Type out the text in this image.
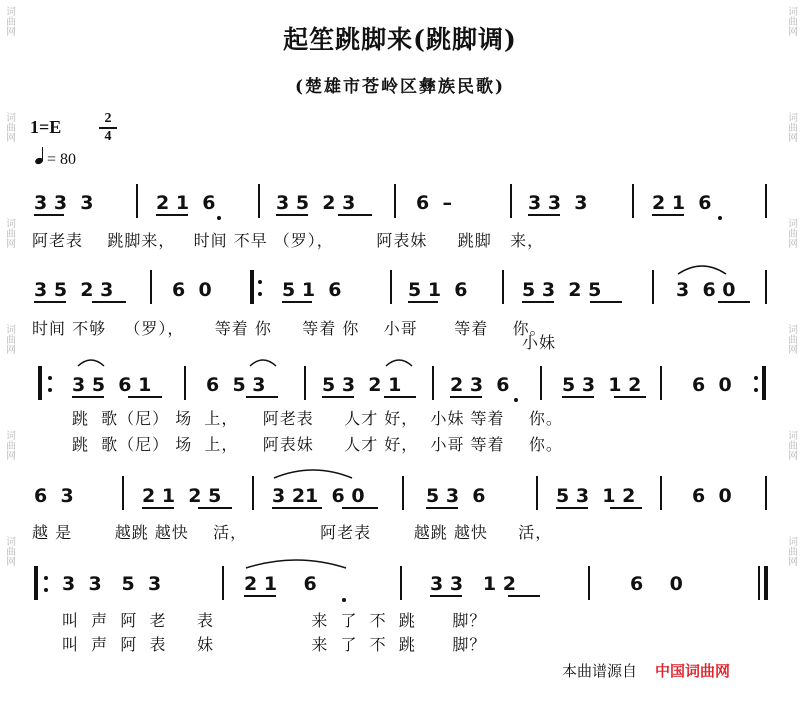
词曲网
词曲网
词曲网
词曲网
词曲网
词曲网
词曲网
词曲网
词曲网
词曲网
词曲网
词曲网
起笙跳脚来(跳脚调)
(楚雄市苍岭区彝族民歌)
1=E	2
4
= 80
3 3  3	2 1  6	3 5  2 3	6  –	3 3  3	2 1  6
阿老表    跳脚来，   时间 不早 （罗），       阿表妹     跳脚   来，
3 5  2 3	6  0	5 1  6	5 1  6	5 3  2 5	3  6 0
时间 不够   （罗），     等着 你     等着 你    小哥      等着    你。
小妹
3 5  6 1	6  5 3	5 3  2 1	2 3  6	5 3  1 2	6  0
跳  歌（尼） 场  上，    阿老表     人才 好，  小妹 等着    你。
跳  歌（尼） 场  上，    阿表妹     人才 好，  小哥 等着    你。
6  3	2 1  2 5	3 21  6 0	5 3  6	5 3  1 2	6  0
越 是       越跳 越快    活，            阿老表       越跳 越快     活，
3  3   5  3	2 1    6	3 3   1 2	6    0
叫  声  阿  老     表                来  了  不  跳      脚？
叫  声  阿  表     妹                来  了  不  跳      脚？
本曲谱源自 中国词曲网
